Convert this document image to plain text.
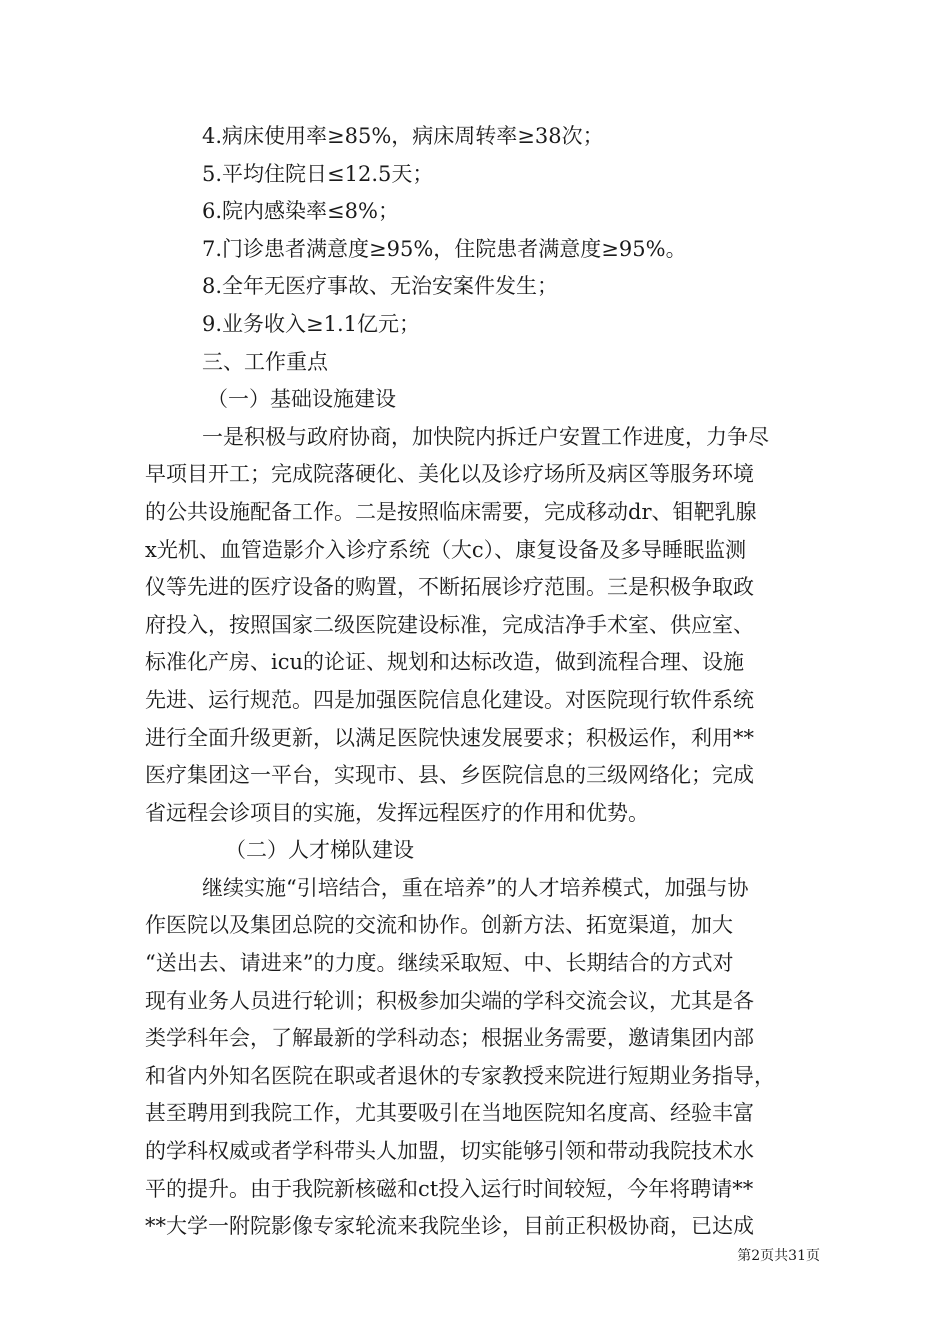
4.病床使用率≥85%，病床周转率≥38次；

5.平均住院日≤12.5天；

6.院内感染率≤8%；

7.门诊患者满意度≥95%，住院患者满意度≥95%。

8.全年无医疗事故、无治安案件发生；

9.业务收入≥1.1亿元；

三、工作重点

（一）基础设施建设

一是积极与政府协商，加快院内拆迁户安置工作进度，力争尽

早项目开工；完成院落硬化、美化以及诊疗场所及病区等服务环境

的公共设施配备工作。二是按照临床需要，完成移动dr、钼靶乳腺

x光机、血管造影介入诊疗系统（大c）、康复设备及多导睡眠监测

仪等先进的医疗设备的购置，不断拓展诊疗范围。三是积极争取政

府投入，按照国家二级医院建设标准，完成洁净手术室、供应室、

标准化产房、icu的论证、规划和达标改造，做到流程合理、设施

先进、运行规范。四是加强医院信息化建设。对医院现行软件系统

进行全面升级更新，以满足医院快速发展要求；积极运作，利用**

医疗集团这一平台，实现市、县、乡医院信息的三级网络化；完成

省远程会诊项目的实施，发挥远程医疗的作用和优势。

（二）人才梯队建设

继续实施“引培结合，重在培养”的人才培养模式，加强与协

作医院以及集团总院的交流和协作。创新方法、拓宽渠道，加大

“送出去、请进来”的力度。继续采取短、中、长期结合的方式对

现有业务人员进行轮训；积极参加尖端的学科交流会议，尤其是各

类学科年会，了解最新的学科动态；根据业务需要，邀请集团内部

和省内外知名医院在职或者退休的专家教授来院进行短期业务指导，

甚至聘用到我院工作，尤其要吸引在当地医院知名度高、经验丰富

的学科权威或者学科带头人加盟，切实能够引领和带动我院技术水

平的提升。由于我院新核磁和ct投入运行时间较短，今年将聘请**

**大学一附院影像专家轮流来我院坐诊，目前正积极协商，已达成

第2页共31页
